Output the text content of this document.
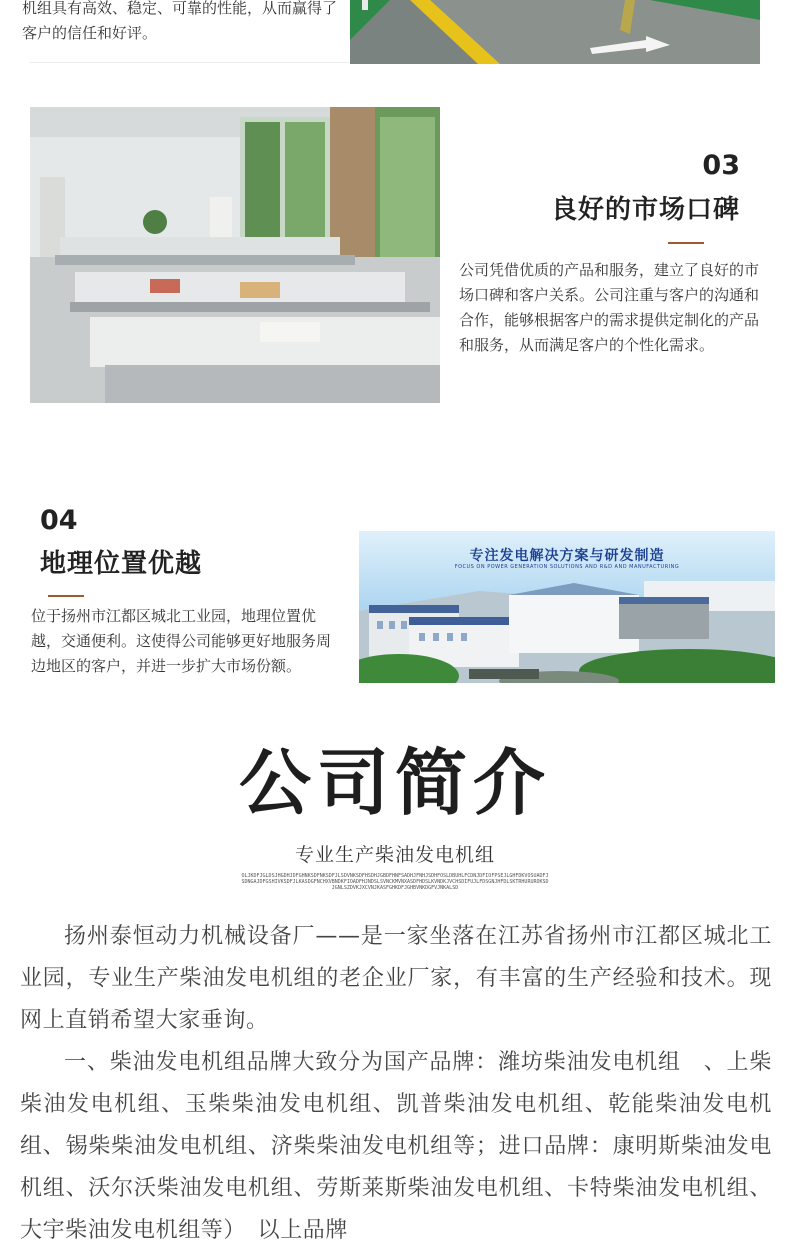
机组具有高效、稳定、可靠的性能，从而赢得了客户的信任和好评。
03
良好的市场口碑
公司凭借优质的产品和服务，建立了良好的市场口碑和客户关系。公司注重与客户的沟通和合作，能够根据客户的需求提供定制化的产品和服务，从而满足客户的个性化需求。
04
地理位置优越
位于扬州市江都区城北工业园，地理位置优越，交通便利。这使得公司能够更好地服务周边地区的客户，并进一步扩大市场份额。
专注发电解决方案与研发制造
FOCUS ON POWER GENERATION SOLUTIONS AND R&D AND MANUFACTURING
公司简介
专业生产柴油发电机组
OLJKDFJGLDSJHGDHJDFGHNKSDFNKSDFJLSDVNKSDFHSDHJGBDFHNFSADHJFNHJSDHFOSLDBUHLFCDNJDFIOFPSEJLGHFDKVOSUADFJSDNGAJDFGSHIVKSDFJLKASDGFNCHXVBNDKFIOADFHJNDSLSVNCKMVNXASDFHDSLKVNDKJVCHSDIFUJLFDSGNJHFDLSKTRHURUROKSDJGNLSZDVKJXCVNJKASFGHKDFJGHBVNKDGFVJNKALSD

扬州泰恒动力机械设备厂——是一家坐落在江苏省扬州市江都区城北工业园，专业生产柴油发电机组的老企业厂家，有丰富的生产经验和技术。现网上直销希望大家垂询。

一、柴油发电机组品牌大致分为国产品牌：潍坊柴油发电机组　、上柴柴油发电机组、玉柴柴油发电机组、凯普柴油发电机组、乾能柴油发电机组、锡柴柴油发电机组、济柴柴油发电机组等；进口品牌：康明斯柴油发电机组、沃尔沃柴油发电机组、劳斯莱斯柴油发电机组、卡特柴油发电机组、大宇柴油发电机组等）　以上品牌
